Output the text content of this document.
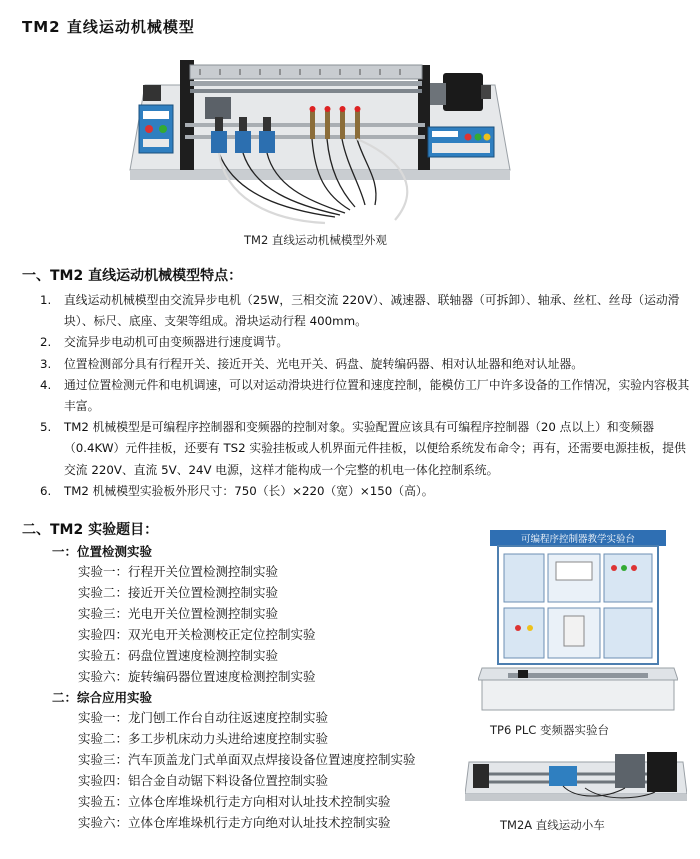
TM2 直线运动机械模型
TM2 直线运动机械模型外观
一、TM2 直线运动机械模型特点：
1. 直线运动机械模型由交流异步电机（25W，三相交流 220V）、减速器、联轴器（可拆卸）、轴承、丝杠、丝母（运动滑块）、标尺、底座、支架等组成。滑块运动行程 400mm。
2. 交流异步电动机可由变频器进行速度调节。
3. 位置检测部分具有行程开关、接近开关、光电开关、码盘、旋转编码器、相对认址器和绝对认址器。
4. 通过位置检测元件和电机调速，可以对运动滑块进行位置和速度控制，能模仿工厂中许多设备的工作情况，实验内容极其丰富。
5. TM2 机械模型是可编程序控制器和变频器的控制对象。实验配置应该具有可编程序控制器（20 点以上）和变频器（0.4KW）元件挂板，还要有 TS2 实验挂板或人机界面元件挂板，以便给系统发布命令；再有，还需要电源挂板，提供交流 220V、直流 5V、24V 电源，这样才能构成一个完整的机电一体化控制系统。
6. TM2 机械模型实验板外形尺寸：750（长）×220（宽）×150（高）。
二、TM2 实验题目：
一：位置检测实验
实验一：行程开关位置检测控制实验
实验二：接近开关位置检测控制实验
实验三：光电开关位置检测控制实验
实验四：双光电开关检测校正定位控制实验
实验五：码盘位置速度检测控制实验
实验六：旋转编码器位置速度检测控制实验
二：综合应用实验
实验一：龙门刨工作台自动往返速度控制实验
实验二：多工步机床动力头进给速度控制实验
实验三：汽车顶盖龙门式单面双点焊接设备位置速度控制实验
实验四：铝合金自动锯下料设备位置控制实验
实验五：立体仓库堆垛机行走方向相对认址技术控制实验
实验六：立体仓库堆垛机行走方向绝对认址技术控制实验
可编程序控制器教学实验台
TP6 PLC 变频器实验台
TM2A 直线运动小车
